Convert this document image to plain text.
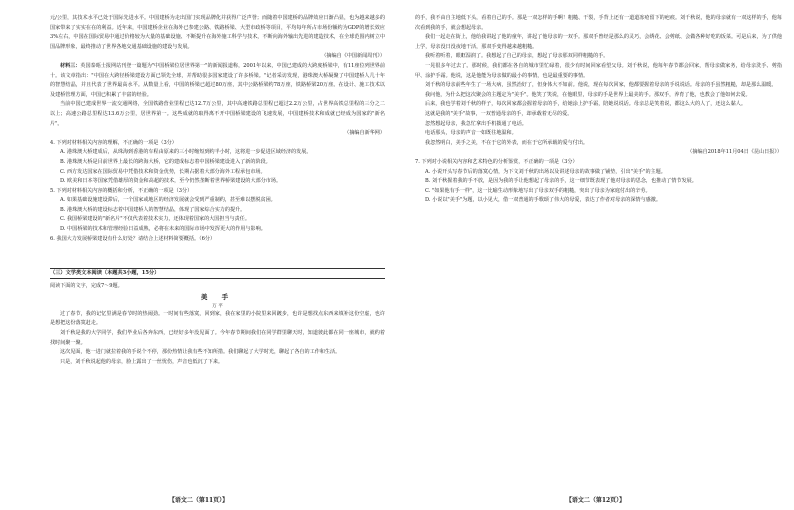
元/公里，其技术水平已处于国际先进水平。中国建桥为走出国门实现品牌化并获得广泛声誉；而随着中国建桥的品牌效应日渐凸显，也为越来越多的国家带来了实实在在的利益。近年来，中国建桥企业在海外已参建公路、铁路桥梁、大型市政桥等项目，平均每年所占市场份额约为GDP的增长效应3%左右，中国在国际贸易中通过价格较为大量的基础设施、不断提升在海外施工科学与技术，不断向海外输出先进的建造技术，在全球范围内树立中国品牌形象，最终推动了世界各地交通基础设施的建设与发展。

（摘编自《中国新闻周刊》）

材料三：英国泰晤士报网站刊登一篇题为"中国桥梁位居世界第一"的新闻报道称，2001年以来，中国已建成的大跨度桥梁中，有11座位列世界前十。该文章指出："中国在大跨径桥梁建设方面已领先全球，并帮助很多国家建设了许多桥梁。"记者采访发现，港珠澳大桥凝聚了中国建桥人几十年的智慧结晶，并且代表了世界最高水平。从数量上看，中国的桥梁已超过80万座，其中公路桥梁约78万座，铁路桥梁20万座。在设计、施工技术以及建桥管理方面，中国已积累了丰富的经验。

当前中国已建成世界一流交通网络，全国铁路营业里程已达12.7万公里，其中高速铁路总里程已超过2.2万公里，占世界高铁总里程的三分之二以上；高速公路总里程达13.6万公里，居世界第一。这些成就的取得离不开中国桥梁建设的飞速发展，中国建桥技术和成就已经成为国家的"新名片"。

（摘编自新华网）

4. 下列对材料相关内容的理解，不正确的一项是（3分）

A. 港珠澳大桥建成后，从珠海到香港的车程由原来的三小时缩短到约半小时，这将进一步促进区域经济的发展。

B. 港珠澳大桥是目前世界上最长的跨海大桥，它的建成标志着中国桥梁建设进入了新的阶段。

C. 西方发达国家在国际贸易中凭借技术和资金优势，长期占据着大部分海外工程承包市场。

D. 欧美和日本等国家凭借雄厚的资金和高超的技术，至今仍然垄断着世界桥梁建设的大部分市场。

5. 下列对材料相关内容的概括和分析，不正确的一项是（3分）

A. 如果基础设施建设滞后，一个国家或地区的经济发展就会受到严重制约，甚至难以摆脱贫困。

B. 港珠澳大桥的建设标志着中国建桥人的智慧结晶，体现了国家综合实力的提升。

C. 我国桥梁建设的"新名片"不仅代表着技术实力，还体现着国家的大国担当与责任。

D. 中国桥梁的技术和管理经验日益成熟，必将在未来的国际市场中发挥更大的作用与影响。

6. 我国大力发展桥梁建设有什么好处？请结合上述材料简要概括。（6分）

（三）文学类文本阅读（本题共3小题，15分）

阅读下面的文字，完成7～9题。

美 手
万 平

过了春节，我的记忆里满是春节时的热闹劲。一时间有些落寞，回到家，我在家里的小院里来回踱步，也许是想找点东西来填补这份空虚，也许是想把这份落寞赶走。

刘千秋是我的大学同学，我们毕业后各奔东西，已经好多年没见面了。今年春节期间我们在同学群里聊天时，知道彼此都在同一座城市，就约着找时间聚一聚。

这次见面，他一进门就拉着我的手说个不停，那份热情让我有些不知所措。我们聊起了大学时光，聊起了各自的工作和生活。

只是，刘千秋说起他的母亲，脸上露出了一丝忧伤，声音也低沉了下来。

【语文二（第11页）】

的手，我不由自主地低下头，看着自己的手。那是一双怎样的手啊！粗糙、干裂，手背上还有一道道冻疮留下的疤痕。刘千秋说，他的母亲就有一双这样的手，他每次看到我的手，就会想起母亲。

我们一起走在街上，他给我讲起了他的童年，讲起了他母亲的一双手。那双手曾经是那么的灵巧，会绣花、会剪纸、会做各种好吃的饭菜。可是后来，为了供他上学，母亲没日没夜地干活，那双手变得越来越粗糙。

我听着听着，眼眶湿润了。我想起了自己的母亲，想起了母亲那双同样粗糙的手。

一晃很多年过去了。那时候，我们都在各自的城市里忙碌着，很少有时间回家看望父母。刘千秋说，他每年春节都会回家，帮母亲做家务，给母亲洗手、剪指甲、涂护手霜。他说，这是他能为母亲做的最小的事情，也是最重要的事情。

刘千秋的母亲前些年生了一场大病，虽然治好了，但身体大不如前。他说，现在每次回家，他都要握着母亲的手说说话。母亲的手虽然粗糙，却是那么温暖。

我问他，为什么把这次聚会的主题定为"美手"。他笑了笑说，在他眼里，母亲的手是世界上最美的手。那双手，养育了他，也教会了他如何去爱。

后来，我也学着刘千秋的样子，每次回家都会握着母亲的手，给她涂上护手霜，陪她说说话。母亲总是笑着说，都这么大的人了，还这么黏人。

这就是我的"美手"故事，一双普通母亲的手，却承载着无尽的爱。

忽然想起母亲，我急忙拿出手机拨通了电话。

电话那头，母亲的声音一如既往地温和。

我忽然明白，美手之美，不在于它的外表，而在于它所承载的爱与付出。

（摘编自2018年11月04日《昆山日报》）

7. 下列对小说相关内容和艺术特色的分析鉴赏，不正确的一项是（3分）

A. 小说开头写春节后的落寞心情，为下文刘千秋的出场以及讲述母亲的故事做了铺垫，引出"美手"的主题。

B. 刘千秋握着我的手不放，是因为我的手让他想起了母亲的手，这一细节既表现了他对母亲的思念，也推动了情节发展。

C. "如果他有手一样"，这一比喻生动形象地写出了母亲双手的粗糙，突出了母亲为家庭付出的辛劳。

D. 小说以"美手"为题，以小见大，借一双普通的手歌颂了伟大的母爱，表达了作者对母亲的深情与感激。

【语文二（第12页）】
